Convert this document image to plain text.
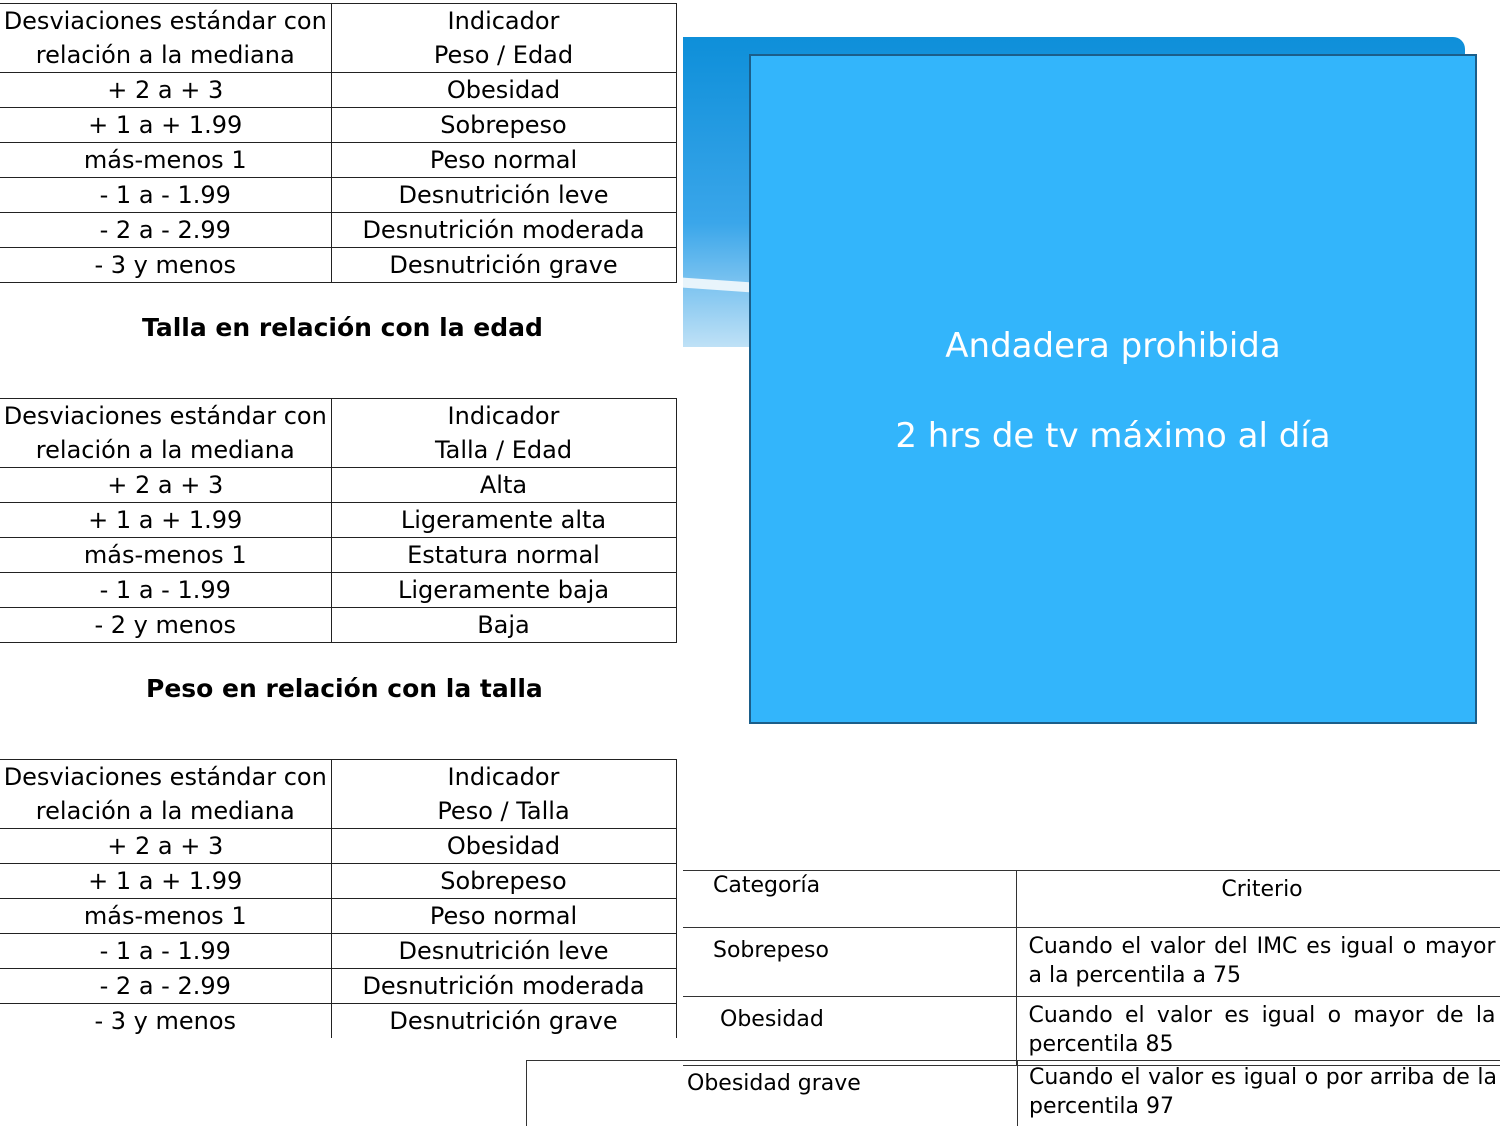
Desviaciones estándar con
relación a la mediana	Indicador
Peso / Edad
+ 2 a + 3	Obesidad
+ 1 a + 1.99	Sobrepeso
más-menos 1	Peso normal
- 1 a - 1.99	Desnutrición leve
- 2 a - 2.99	Desnutrición moderada
- 3 y menos	Desnutrición grave
Talla en relación con la edad
Desviaciones estándar con
relación a la mediana	Indicador
Talla / Edad
+ 2 a + 3	Alta
+ 1 a + 1.99	Ligeramente alta
más-menos 1	Estatura normal
- 1 a - 1.99	Ligeramente baja
- 2 y menos	Baja
Peso en relación con la talla
Desviaciones estándar con
relación a la mediana	Indicador
Peso / Talla
+ 2 a + 3	Obesidad
+ 1 a + 1.99	Sobrepeso
más-menos 1	Peso normal
- 1 a - 1.99	Desnutrición leve
- 2 a - 2.99	Desnutrición moderada
- 3 y menos	Desnutrición grave
Andadera prohibida
2 hrs de tv máximo al día
Categoría	Criterio
Sobrepeso	Cuando el valor del IMC es igual o mayor a la percentila a 75
Obesidad	Cuando el valor es igual o mayor de la percentila 85
Obesidad grave	Cuando el valor es igual o por arriba de la percentila 97
